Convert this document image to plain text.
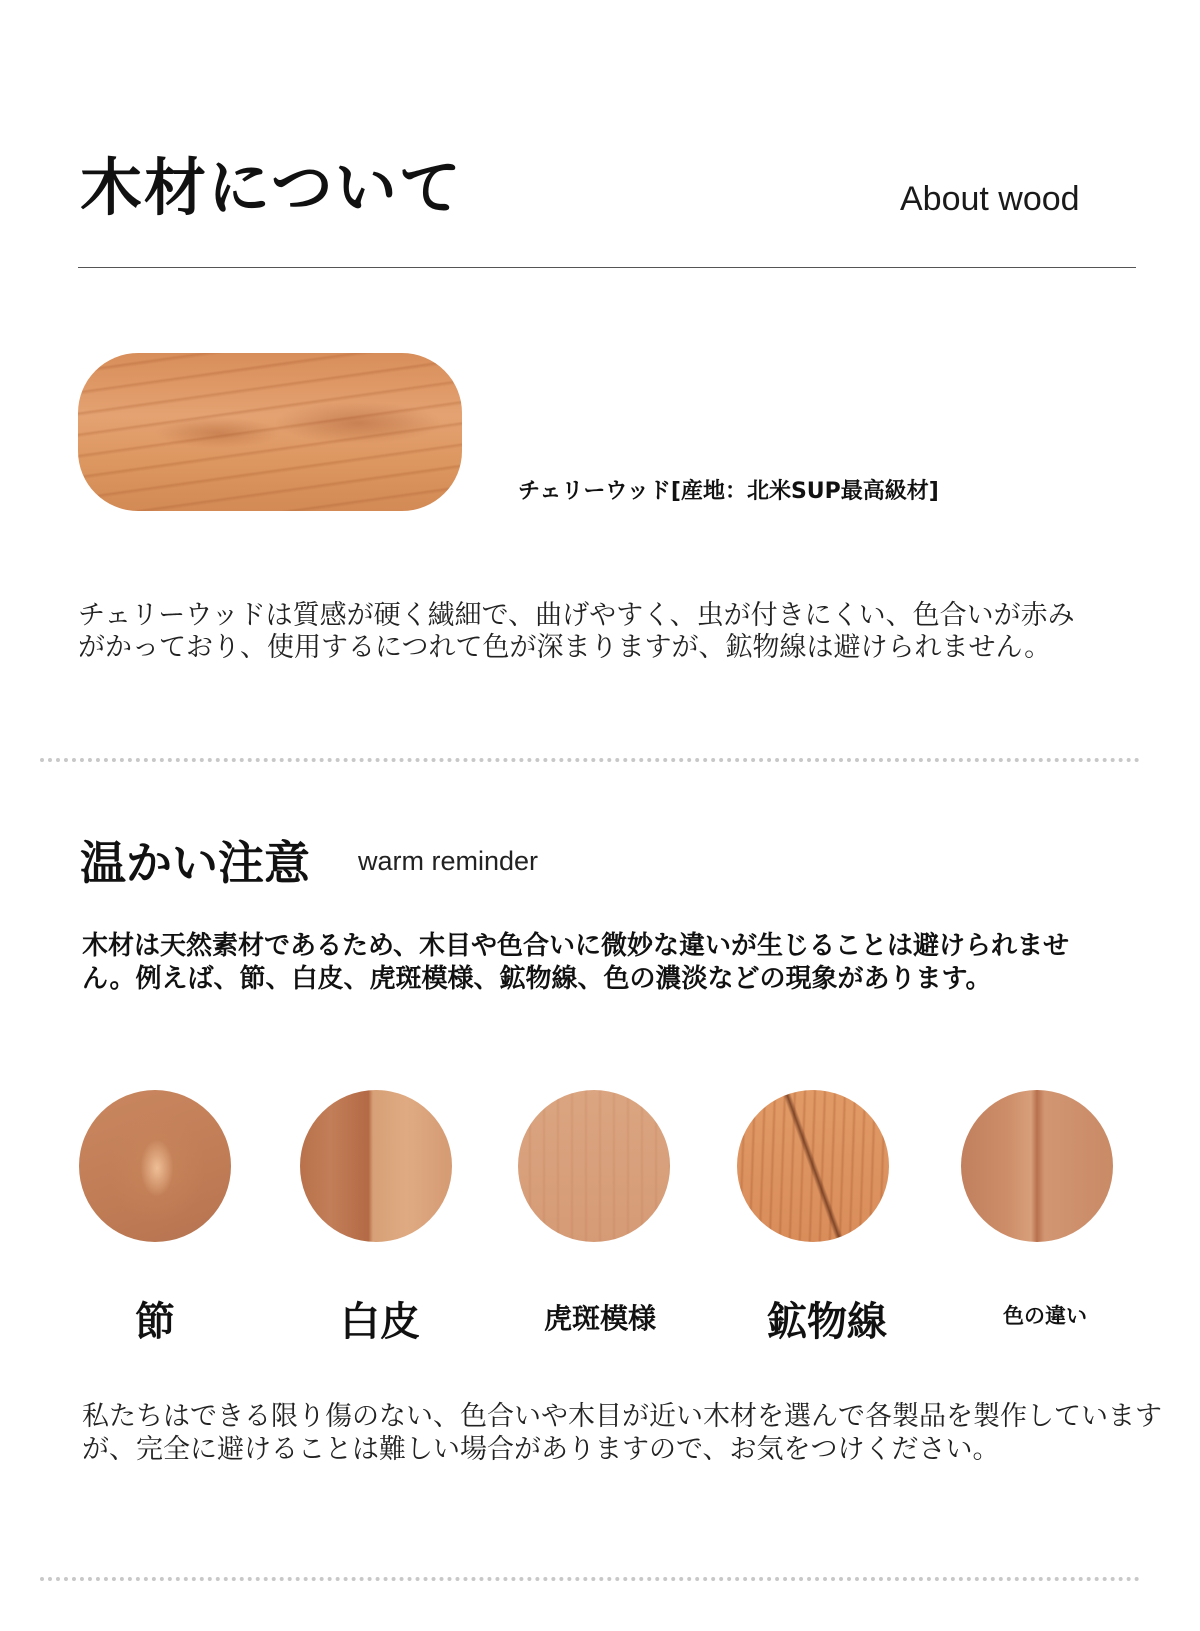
木材について	About wood
チェリーウッド[産地：北米SUP最高級材]
チェリーウッドは質感が硬く繊細で、曲げやすく、虫が付きにくい、色合いが赤み
がかっており、使用するにつれて色が深まりますが、鉱物線は避けられません。
温かい注意 warm reminder
木材は天然素材であるため、木目や色合いに微妙な違いが生じることは避けられません。例えば、節、白皮、虎斑模様、鉱物線、色の濃淡などの現象があります。
節	白皮	虎斑模様	鉱物線	色の違い
私たちはできる限り傷のない、色合いや木目が近い木材を選んで各製品を製作していますが、完全に避けることは難しい場合がありますので、お気をつけください。
